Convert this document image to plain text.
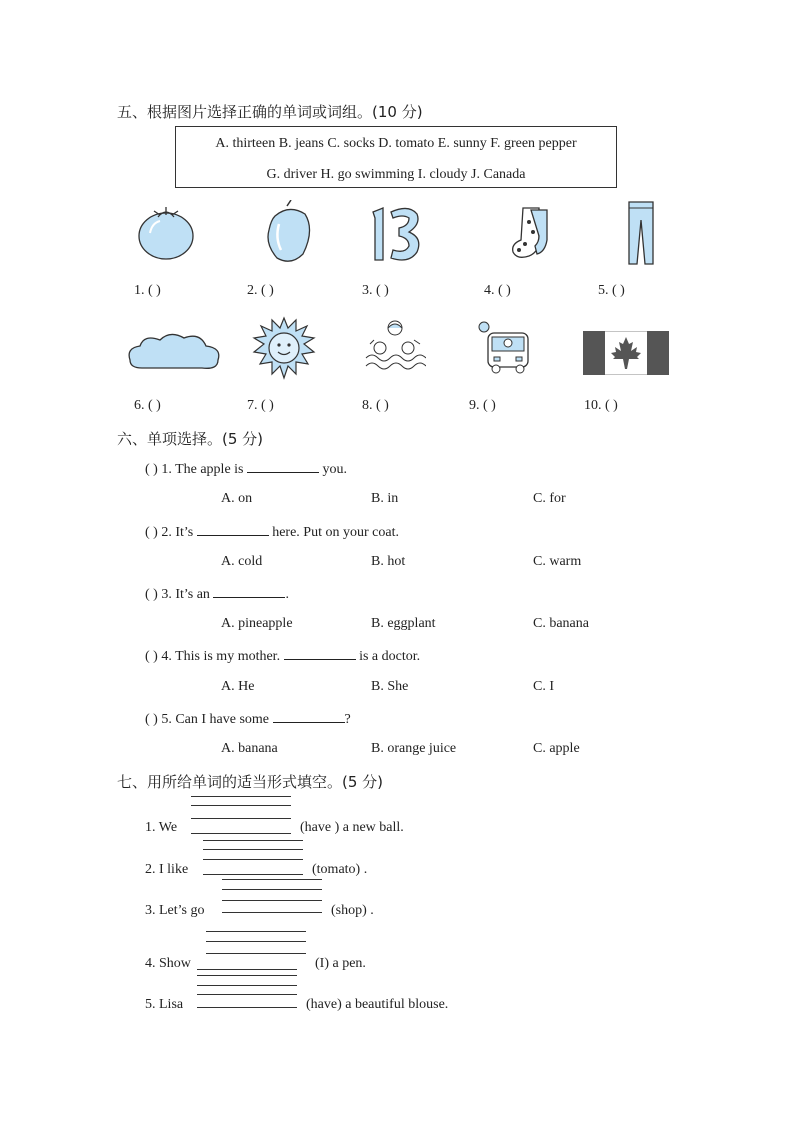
五、根据图片选择正确的单词或词组。(10 分)
A. thirteen B. jeans C. socks D. tomato E. sunny F. green pepper
G. driver H. go swimming I. cloudy J. Canada
1. ( )	2. ( )	3. ( )	4. ( )	5. ( )
6. ( )	7. ( )	8. ( )	9. ( )	10. ( )
六、单项选择。(5 分)
( ) 1. The apple is	you.
A. on	B. in	C. for
( ) 2. It’s	here. Put on your coat.
A. cold	B. hot	C. warm
( ) 3. It’s an	.
A. pineapple	B. eggplant	C. banana
( ) 4. This is my mother.	is a doctor.
A. He	B. She	C. I
( ) 5. Can I have some	?
A. banana	B. orange juice	C. apple
七、用所给单词的适当形式填空。(5 分)
1. We	(have ) a new ball.
2. I like	(tomato) .
3. Let’s go	(shop) .
4. Show	(I) a pen.
5. Lisa	(have) a beautiful blouse.
